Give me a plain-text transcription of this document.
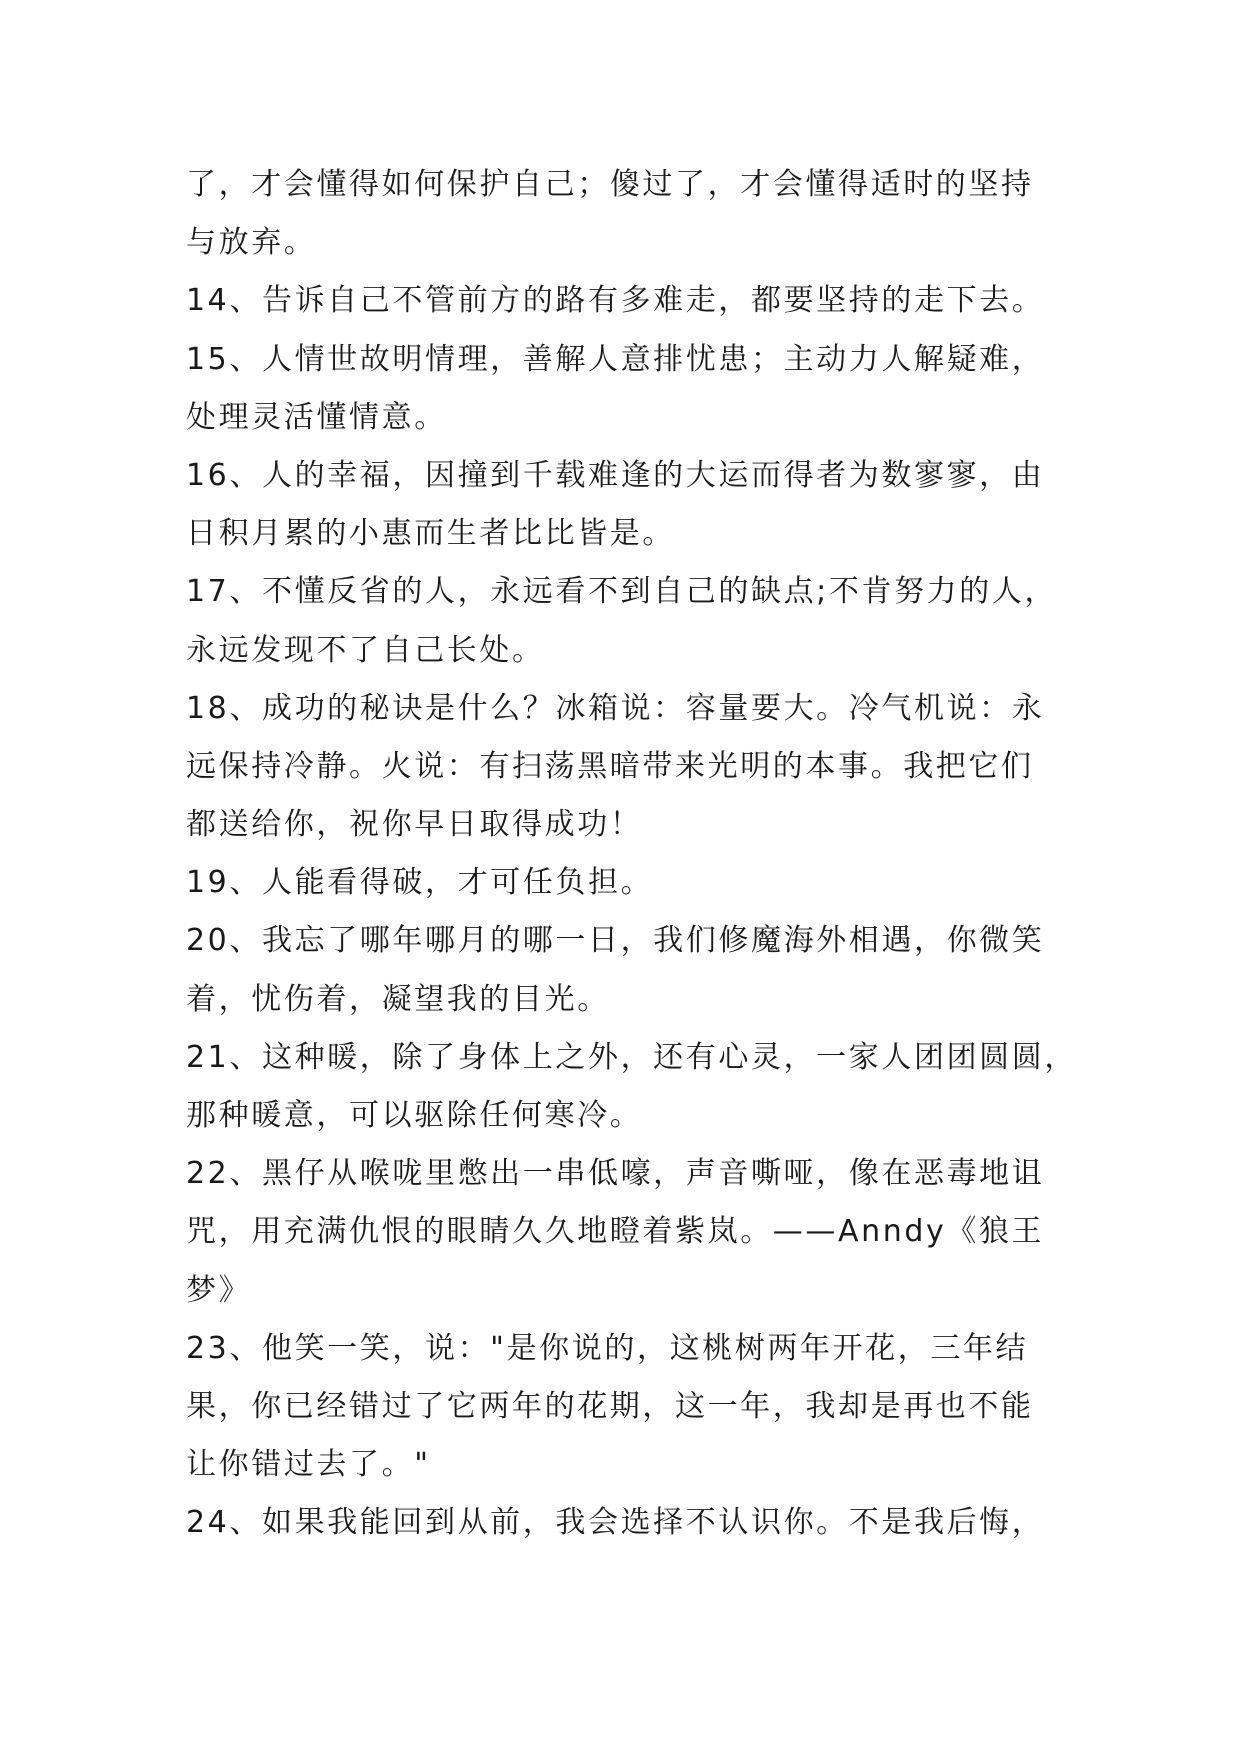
了，才会懂得如何保护自己；傻过了，才会懂得适时的坚持
与放弃。
14、告诉自己不管前方的路有多难走，都要坚持的走下去。
15、人情世故明情理，善解人意排忧患；主动力人解疑难，
处理灵活懂情意。
16、人的幸福，因撞到千载难逢的大运而得者为数寥寥，由
日积月累的小惠而生者比比皆是。
17、不懂反省的人，永远看不到自己的缺点;不肯努力的人，
永远发现不了自己长处。
18、成功的秘诀是什么？冰箱说：容量要大。冷气机说：永
远保持冷静。火说：有扫荡黑暗带来光明的本事。我把它们
都送给你，祝你早日取得成功！
19、人能看得破，才可任负担。
20、我忘了哪年哪月的哪一日，我们修魔海外相遇，你微笑
着，忧伤着，凝望我的目光。
21、这种暖，除了身体上之外，还有心灵，一家人团团圆圆，
那种暖意，可以驱除任何寒冷。
22、黑仔从喉咙里憋出一串低嚎，声音嘶哑，像在恶毒地诅
咒，用充满仇恨的眼睛久久地瞪着紫岚。——Anndy《狼王
梦》
23、他笑一笑，说："是你说的，这桃树两年开花，三年结
果，你已经错过了它两年的花期，这一年，我却是再也不能
让你错过去了。"
24、如果我能回到从前，我会选择不认识你。不是我后悔，
